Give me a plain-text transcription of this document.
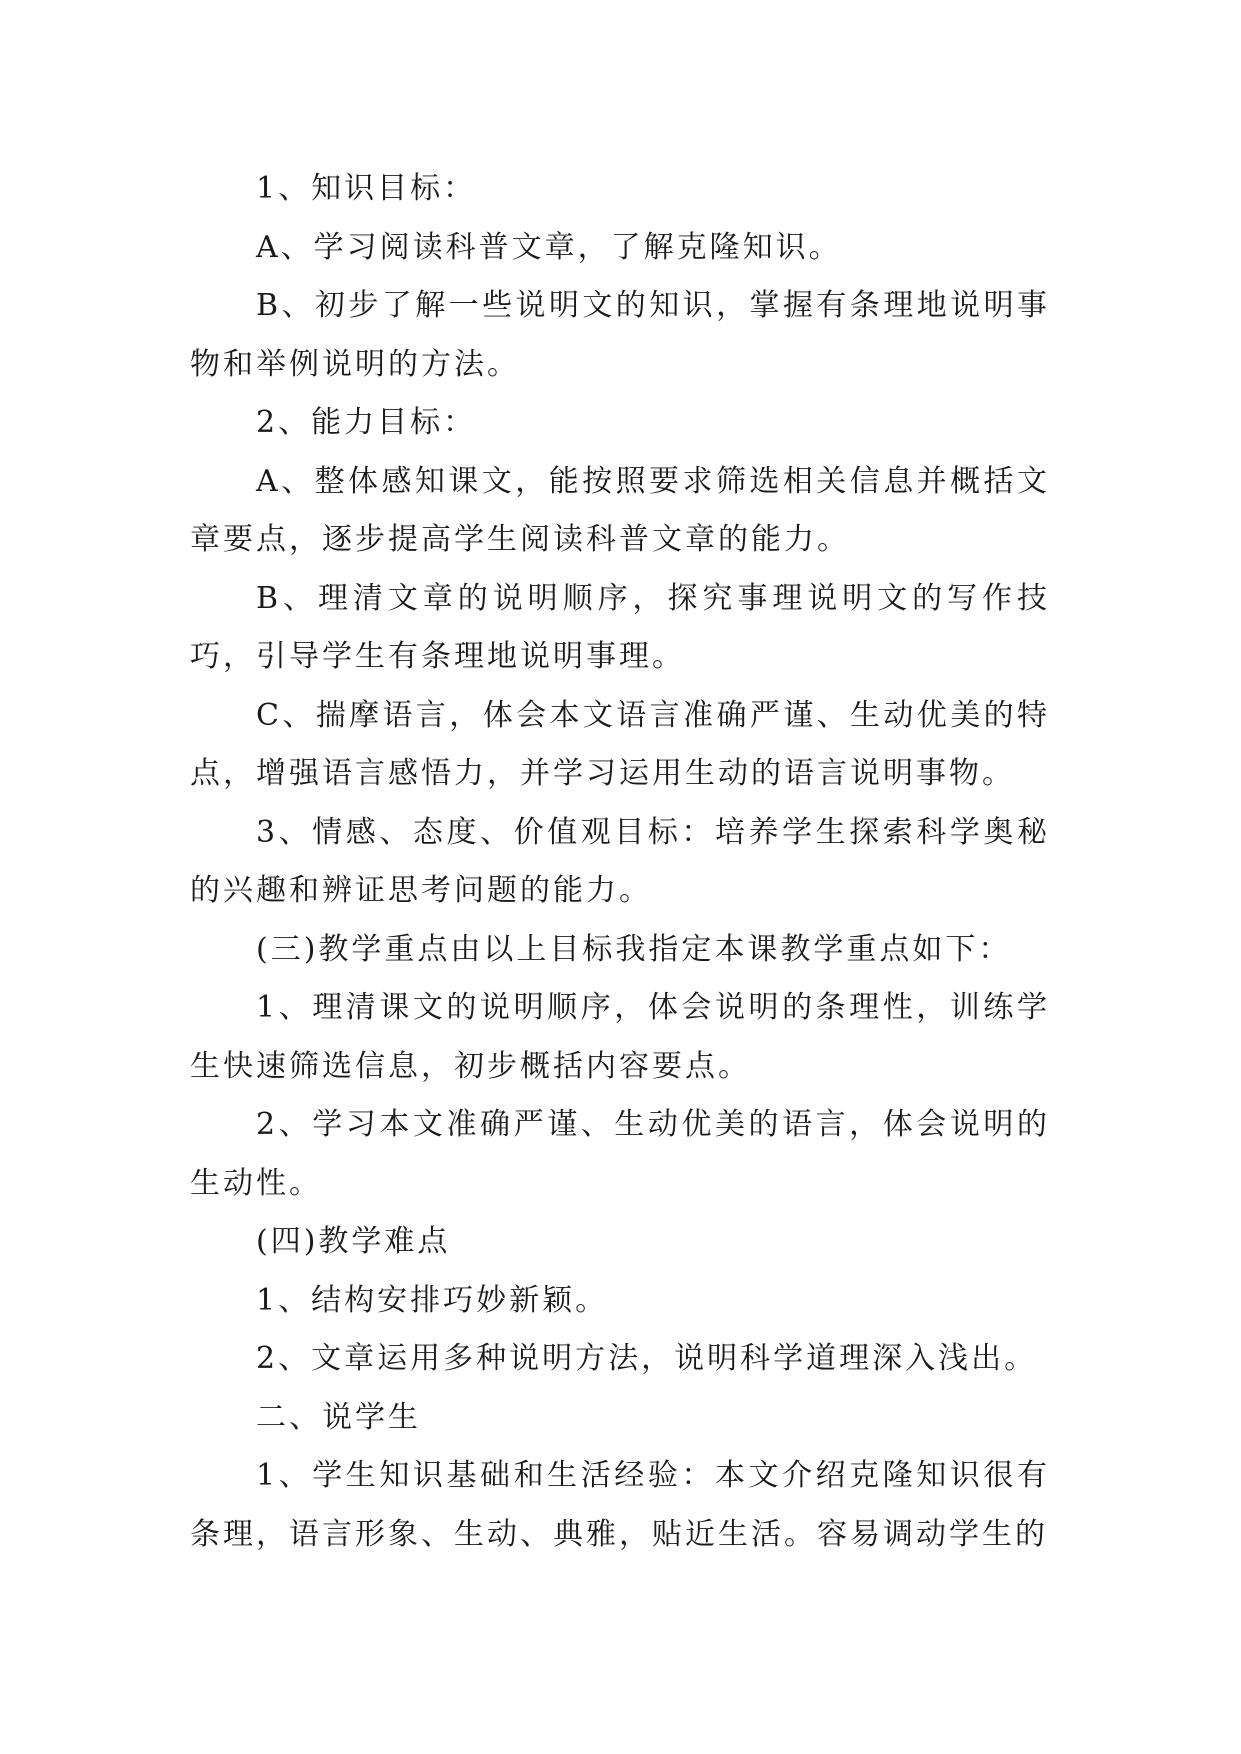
1、知识目标：

A、学习阅读科普文章，了解克隆知识。

B、初步了解一些说明文的知识，掌握有条理地说明事物和举例说明的方法。

2、能力目标：

A、整体感知课文，能按照要求筛选相关信息并概括文章要点，逐步提高学生阅读科普文章的能力。

B、理清文章的说明顺序，探究事理说明文的写作技巧，引导学生有条理地说明事理。

C、揣摩语言，体会本文语言准确严谨、生动优美的特点，增强语言感悟力，并学习运用生动的语言说明事物。

3、情感、态度、价值观目标：培养学生探索科学奥秘的兴趣和辨证思考问题的能力。

(三)教学重点由以上目标我指定本课教学重点如下：

1、理清课文的说明顺序，体会说明的条理性，训练学生快速筛选信息，初步概括内容要点。

2、学习本文准确严谨、生动优美的语言，体会说明的生动性。

(四)教学难点

1、结构安排巧妙新颖。

2、文章运用多种说明方法，说明科学道理深入浅出。

二、说学生

1、学生知识基础和生活经验：本文介绍克隆知识很有条理，语言形象、生动、典雅，贴近生活。容易调动学生的
